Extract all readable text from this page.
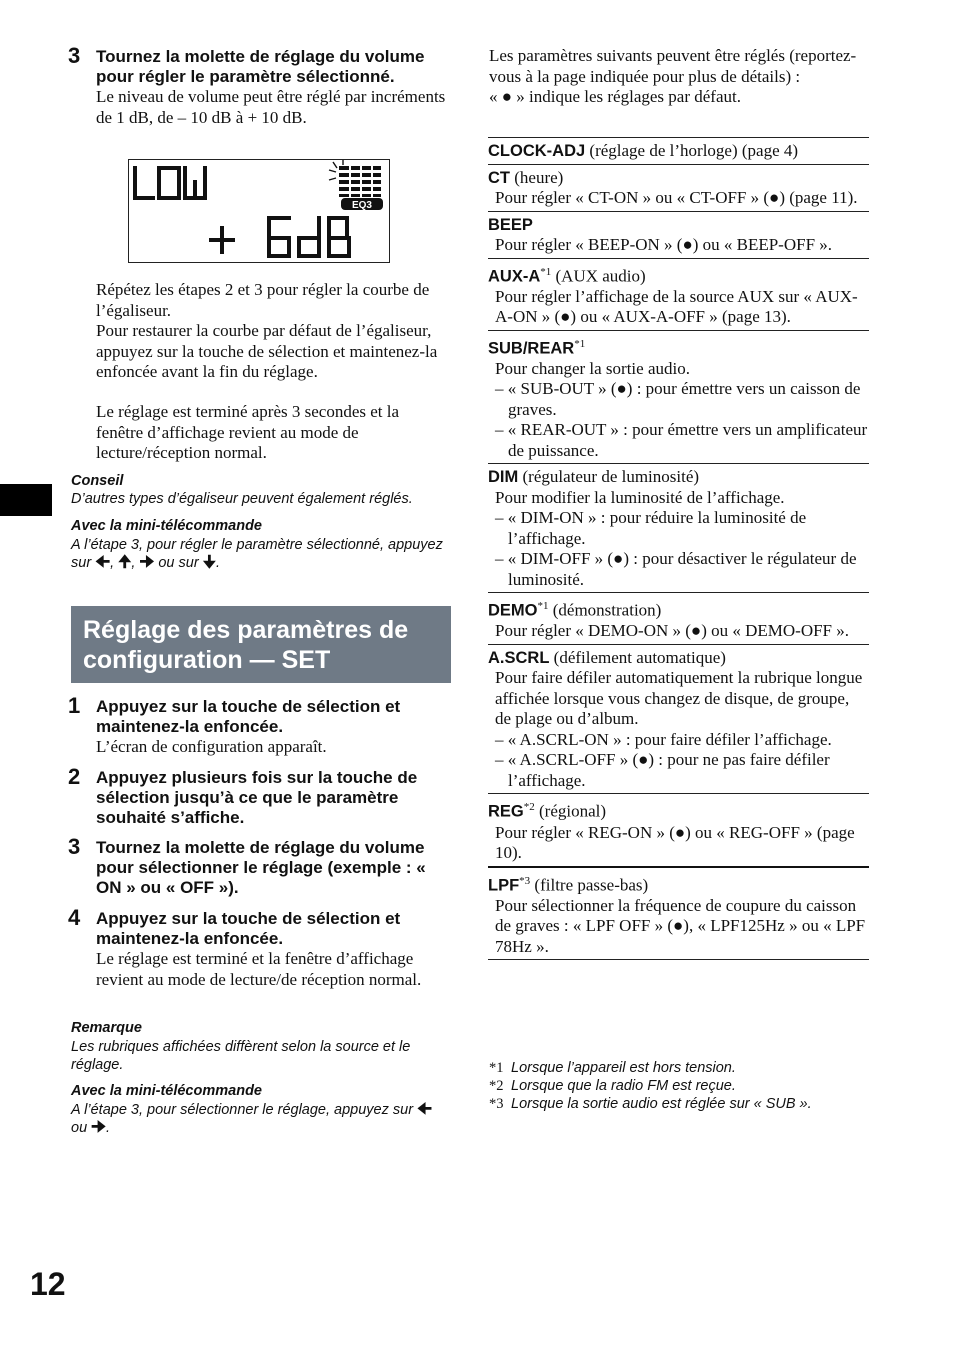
3 Tournez la molette de réglage du volume pour régler le paramètre sélectionné.
Le niveau de volume peut être réglé par incréments de 1 dB, de – 10 dB à + 10 dB.
EQ3
Répétez les étapes 2 et 3 pour régler la courbe de l’égaliseur.
Pour restaurer la courbe par défaut de l’égaliseur, appuyez sur la touche de sélection et maintenez-la enfoncée avant la fin du réglage.
Le réglage est terminé après 3 secondes et la fenêtre d’affichage revient au mode de lecture/réception normal.
Conseil
D’autres types d’égaliseur peuvent également réglés.
Avec la mini-télécommande
A l’étape 3, pour régler le paramètre sélectionné, appuyez sur 🠈, 🠉, 🠊 ou sur 🠋.
Réglage des paramètres de configuration — SET
1 Appuyez sur la touche de sélection et maintenez-la enfoncée.
L’écran de configuration apparaît.
2 Appuyez plusieurs fois sur la touche de sélection jusqu’à ce que le paramètre souhaité s’affiche.
3 Tournez la molette de réglage du volume pour sélectionner le réglage (exemple : « ON » ou « OFF »).
4 Appuyez sur la touche de sélection et maintenez-la enfoncée.
Le réglage est terminé et la fenêtre d’affichage revient au mode de lecture/de réception normal.
Remarque
Les rubriques affichées diffèrent selon la source et le réglage.
Avec la mini-télécommande
A l’étape 3, pour sélectionner le réglage, appuyez sur 🠈 ou 🠊.
Les paramètres suivants peuvent être réglés (reportez-vous à la page indiquée pour plus de détails) :
« ● » indique les réglages par défaut.
CLOCK-ADJ (réglage de l’horloge) (page 4)
CT (heure)
Pour régler « CT-ON » ou « CT-OFF » (●) (page 11).
BEEP
Pour régler « BEEP-ON » (●) ou « BEEP-OFF ».
AUX-$A^{*1}$ (AUX audio)
Pour régler l’affichage de la source AUX sur « AUX-A-ON » (●) ou « AUX-A-OFF » (page 13).
SUB/REAR$^{*1}$
Pour changer la sortie audio.
– « SUB-OUT » (●) : pour émettre vers un caisson de graves.
– « REAR-OUT » : pour émettre vers un amplificateur de puissance.
DIM (régulateur de luminosité)
Pour modifier la luminosité de l’affichage.
– « DIM-ON » : pour réduire la luminosité de l’affichage.
– « DIM-OFF » (●) : pour désactiver le régulateur de luminosité.
DEMO$^{*1}$ (démonstration)
Pour régler « DEMO-ON » (●) ou « DEMO-OFF ».
A.SCRL (défilement automatique)
Pour faire défiler automatiquement la rubrique longue affichée lorsque vous changez de disque, de groupe, de plage ou d’album.
– « A.SCRL-ON » : pour faire défiler l’affichage.
– « A.SCRL-OFF » (●) : pour ne pas faire défiler l’affichage.
REG$^{*2}$ (régional)
Pour régler « REG-ON » (●) ou « REG-OFF » (page 10).
LPF$^{*3}$ (filtre passe-bas)
Pour sélectionner la fréquence de coupure du caisson de graves : « LPF OFF » (●), « LPF125Hz » ou « LPF 78Hz ».
*1 Lorsque l’appareil est hors tension.
*2 Lorsque que la radio FM est reçue.
*3 Lorsque la sortie audio est réglée sur « SUB ».
12
